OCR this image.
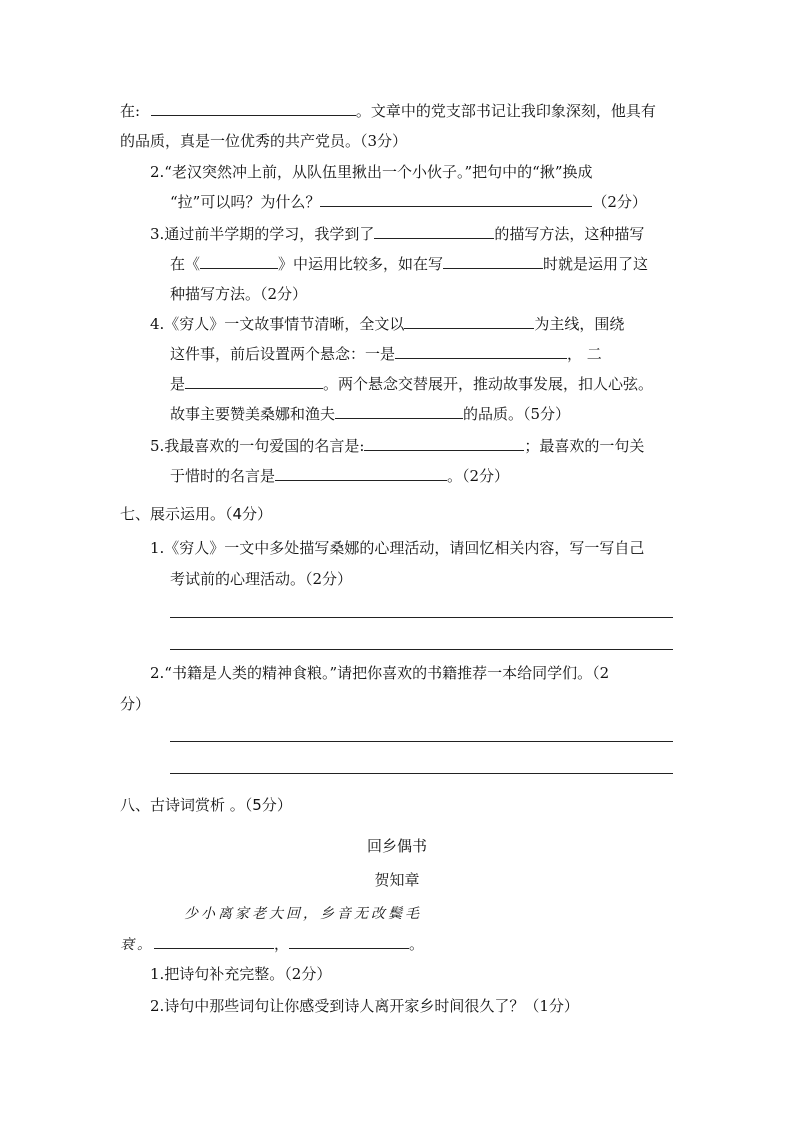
在:	。文章中的党支部书记让我印象深刻，他具有
的品质，真是一位优秀的共产党员。（3分）
2.“老汉突然冲上前，从队伍里揪出一个小伙子。”把句中的“揪”换成
“拉”可以吗？为什么？	（2分）
3.通过前半学期的学习，我学到了	的描写方法，这种描写
在《	》中运用比较多，如在写	时就是运用了这
种描写方法。（2分）
4.《穷人》一文故事情节清晰，全文以	为主线，围绕
这件事，前后设置两个悬念：一是	， 二
是	。两个悬念交替展开，推动故事发展，扣人心弦。
故事主要赞美桑娜和渔夫	的品质。（5分）
5.我最喜欢的一句爱国的名言是:	；最喜欢的一句关
于惜时的名言是	。（2分）
七、展示运用。（4分）
1.《穷人》一文中多处描写桑娜的心理活动，请回忆相关内容，写一写自己
考试前的心理活动。（2分）
2.“书籍是人类的精神食粮。”请把你喜欢的书籍推荐一本给同学们。（2
分）
八、古诗词赏析 。（5分）
回乡偶书
贺知章
少小离家老大回，乡音无改鬓毛
衰。	，	。
1.把诗句补充完整。（2分）
2.诗句中那些词句让你感受到诗人离开家乡时间很久了？（1分）
